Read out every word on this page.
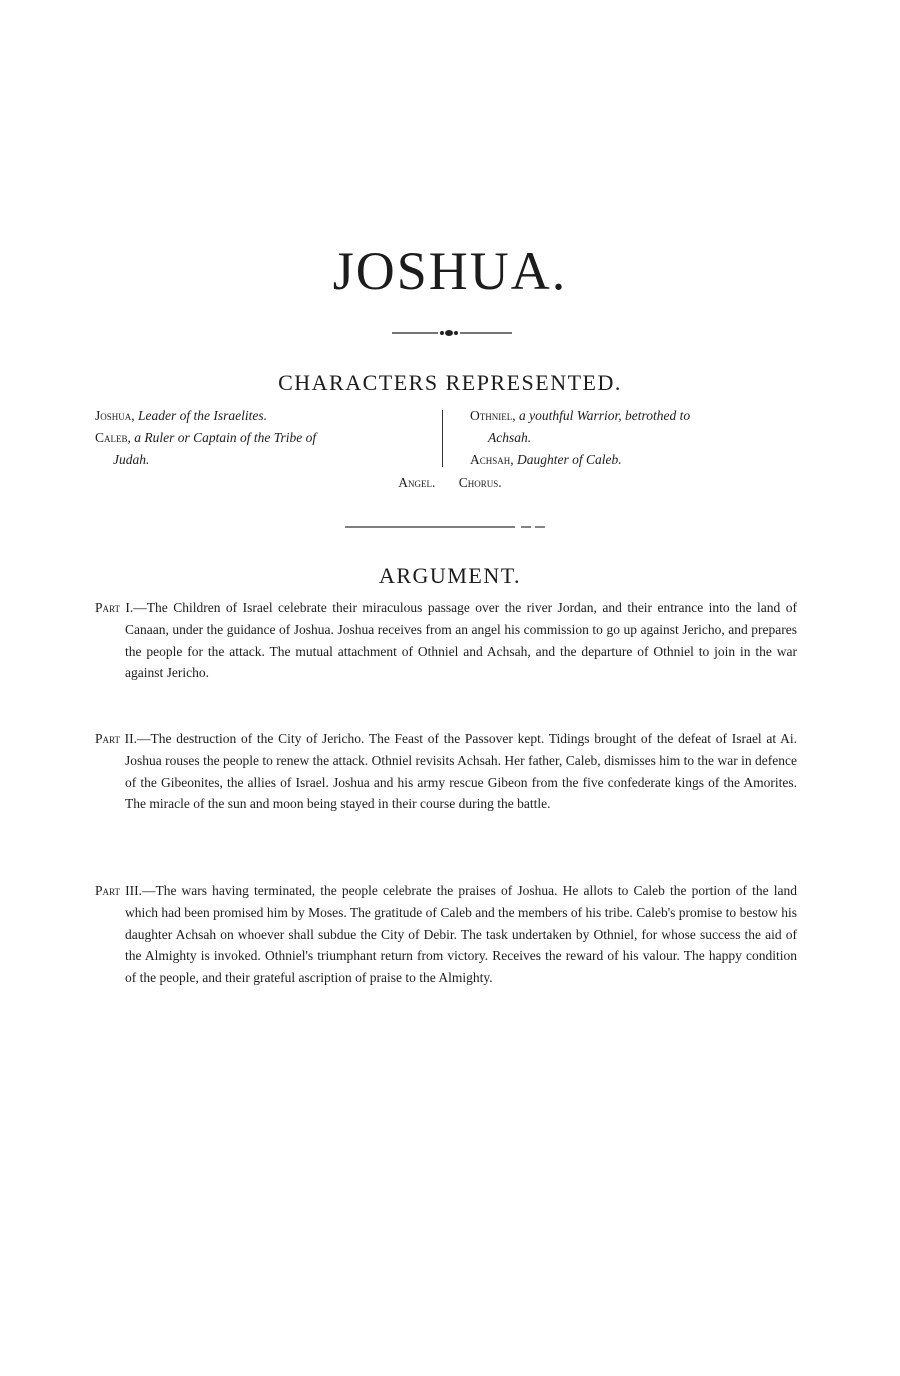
JOSHUA.
CHARACTERS REPRESENTED.
Joshua, Leader of the Israelites.
Caleb, a Ruler or Captain of the Tribe of
Judah.
Othniel, a youthful Warrior, betrothed to
Achsah.
Achsah, Daughter of Caleb.
Angel. Chorus.
ARGUMENT.
Part I.—The Children of Israel celebrate their miraculous passage over the river Jordan, and their entrance into the land of Canaan, under the guidance of Joshua. Joshua receives from an angel his commission to go up against Jericho, and prepares the people for the attack. The mutual attachment of Othniel and Achsah, and the departure of Othniel to join in the war against Jericho.
Part II.—The destruction of the City of Jericho. The Feast of the Passover kept. Tidings brought of the defeat of Israel at Ai. Joshua rouses the people to renew the attack. Othniel revisits Achsah. Her father, Caleb, dismisses him to the war in defence of the Gibeonites, the allies of Israel. Joshua and his army rescue Gibeon from the five confederate kings of the Amorites. The miracle of the sun and moon being stayed in their course during the battle.
Part III.—The wars having terminated, the people celebrate the praises of Joshua. He allots to Caleb the portion of the land which had been promised him by Moses. The gratitude of Caleb and the members of his tribe. Caleb's promise to bestow his daughter Achsah on whoever shall subdue the City of Debir. The task undertaken by Othniel, for whose success the aid of the Almighty is invoked. Othniel's triumphant return from victory. Receives the reward of his valour. The happy condition of the people, and their grateful ascription of praise to the Almighty.
